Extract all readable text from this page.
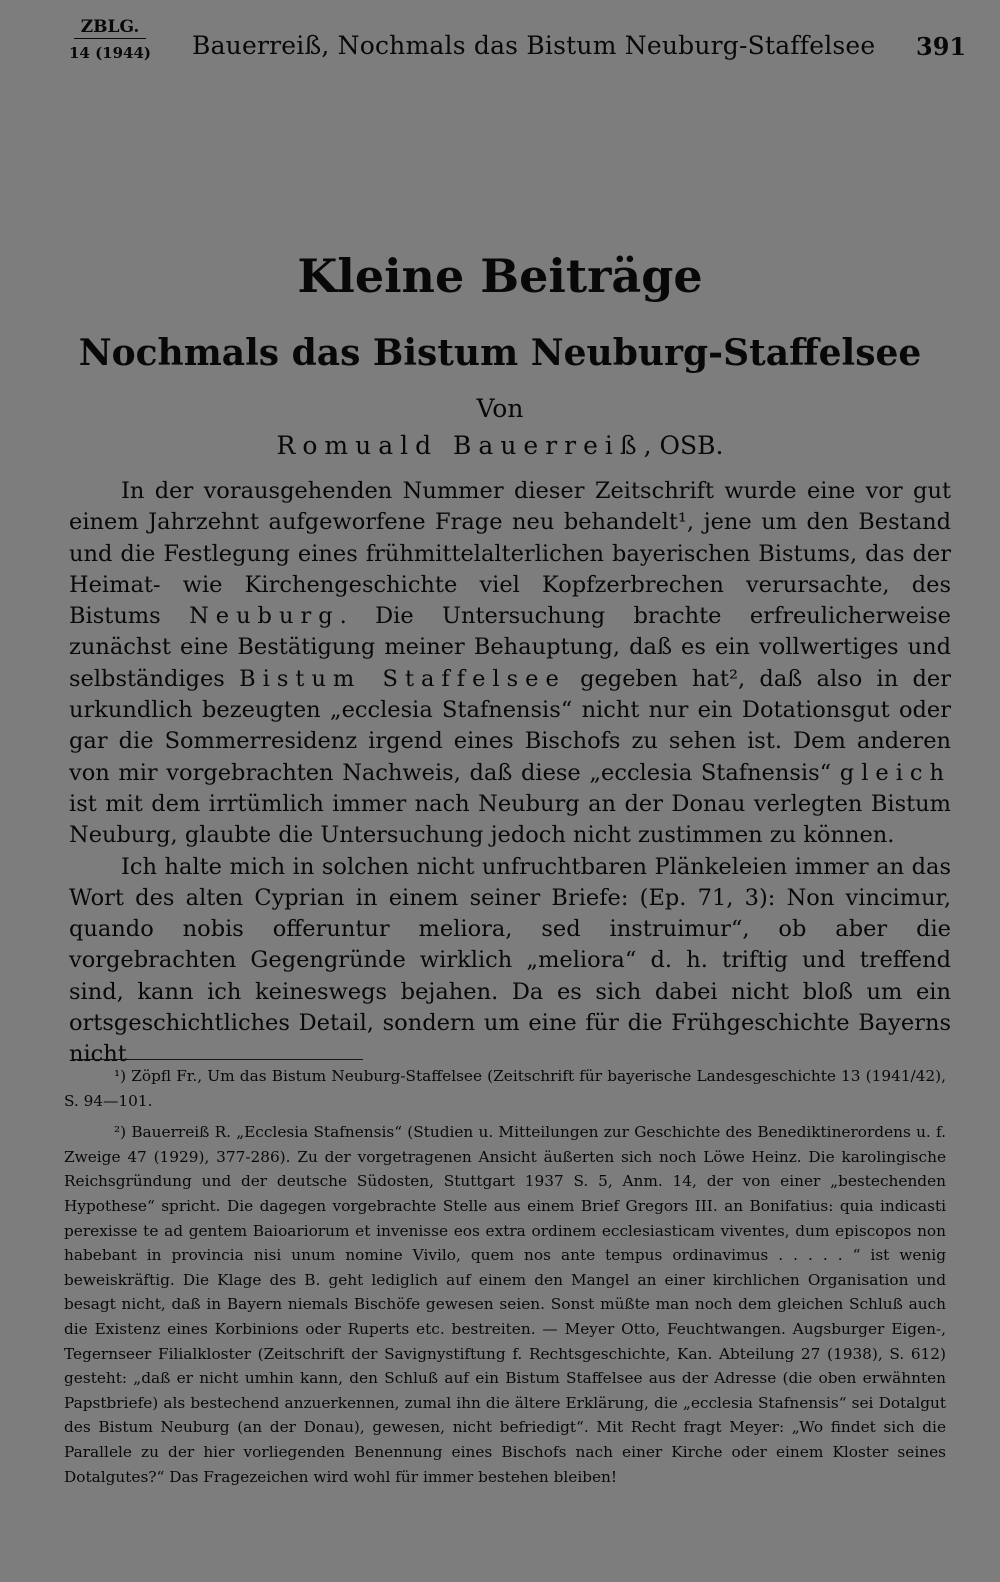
ZBLG.
14 (1944) Bauerreiß, Nochmals das Bistum Neuburg-Staffelsee 391
Kleine Beiträge
Nochmals das Bistum Neuburg-Staffelsee
Von
Romuald Bauerreiß, OSB.

In der vorausgehenden Nummer dieser Zeitschrift wurde eine vor gut einem Jahrzehnt aufgeworfene Frage neu behandelt¹, jene um den Bestand und die Festlegung eines frühmittelalterlichen bayerischen Bistums, das der Heimat- wie Kirchengeschichte viel Kopfzerbrechen verursachte, des Bistums Neuburg. Die Untersuchung brachte erfreulicherweise zunächst eine Bestätigung meiner Behauptung, daß es ein vollwertiges und selbständiges Bistum Staffelsee gegeben hat², daß also in der urkundlich bezeugten „ecclesia Stafnensis“ nicht nur ein Dotationsgut oder gar die Sommerresidenz irgend eines Bischofs zu sehen ist. Dem anderen von mir vorgebrachten Nachweis, daß diese „ecclesia Stafnensis“ gleich ist mit dem irrtümlich immer nach Neuburg an der Donau verlegten Bistum Neuburg, glaubte die Untersuchung jedoch nicht zustimmen zu können.

Ich halte mich in solchen nicht unfruchtbaren Plänkeleien immer an das Wort des alten Cyprian in einem seiner Briefe: (Ep. 71, 3): Non vincimur, quando nobis offeruntur meliora, sed instruimur“, ob aber die vorgebrachten Gegengründe wirklich „meliora“ d. h. triftig und treffend sind, kann ich keineswegs bejahen. Da es sich dabei nicht bloß um ein ortsgeschichtliches Detail, sondern um eine für die Frühgeschichte Bayerns nicht

¹) Zöpfl Fr., Um das Bistum Neuburg-Staffelsee (Zeitschrift für bayerische Landesgeschichte 13 (1941/42), S. 94—101.

²) Bauerreiß R. „Ecclesia Stafnensis“ (Studien u. Mitteilungen zur Geschichte des Benediktinerordens u. f. Zweige 47 (1929), 377-286). Zu der vorgetragenen Ansicht äußerten sich noch Löwe Heinz. Die karolingische Reichsgründung und der deutsche Südosten, Stuttgart 1937 S. 5, Anm. 14, der von einer „bestechenden Hypothese“ spricht. Die dagegen vorgebrachte Stelle aus einem Brief Gregors III. an Bonifatius: quia indicasti perexisse te ad gentem Baioariorum et invenisse eos extra ordinem ecclesiasticam viventes, dum episcopos non habebant in provincia nisi unum nomine Vivilo, quem nos ante tempus ordinavimus . . . . . “ ist wenig beweiskräftig. Die Klage des B. geht lediglich auf einem den Mangel an einer kirchlichen Organisation und besagt nicht, daß in Bayern niemals Bischöfe gewesen seien. Sonst müßte man noch dem gleichen Schluß auch die Existenz eines Korbinions oder Ruperts etc. bestreiten. — Meyer Otto, Feuchtwangen. Augsburger Eigen-, Tegernseer Filialkloster (Zeitschrift der Savignystiftung f. Rechtsgeschichte, Kan. Abteilung 27 (1938), S. 612) gesteht: „daß er nicht umhin kann, den Schluß auf ein Bistum Staffelsee aus der Adresse (die oben erwähnten Papstbriefe) als bestechend anzuerkennen, zumal ihn die ältere Erklärung, die „ecclesia Stafnensis“ sei Dotalgut des Bistum Neuburg (an der Donau), gewesen, nicht befriedigt“. Mit Recht fragt Meyer: „Wo findet sich die Parallele zu der hier vorliegenden Benennung eines Bischofs nach einer Kirche oder einem Kloster seines Dotalgutes?“ Das Fragezeichen wird wohl für immer bestehen bleiben!
